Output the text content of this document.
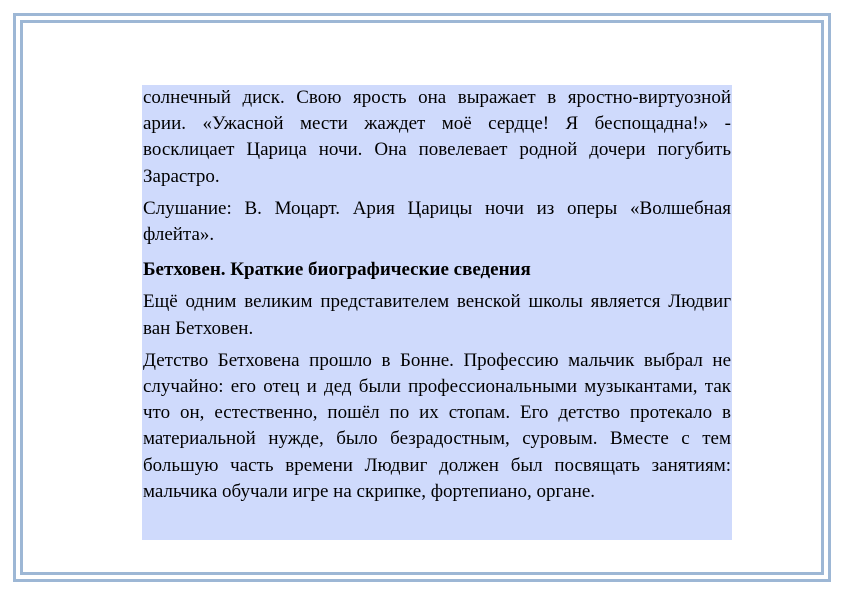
солнечный диск. Свою ярость она выражает в яростно-виртуозной арии. «Ужасной мести жаждет моё сердце! Я беспощадна!» - восклицает Царица ночи. Она повелевает родной дочери погубить Зарастро.

Слушание: В. Моцарт. Ария Царицы ночи из оперы «Волшебная флейта».

Бетховен. Краткие биографические сведения

Ещё одним великим представителем венской школы является Людвиг ван Бетховен.

Детство Бетховена прошло в Бонне. Профессию мальчик выбрал не случайно: его отец и дед были профессиональными музыкантами, так что он, естественно, пошёл по их стопам. Его детство протекало в материальной нужде, было безрадостным, суровым. Вместе с тем большую часть времени Людвиг должен был посвящать занятиям: мальчика обучали игре на скрипке, фортепиано, органе.
